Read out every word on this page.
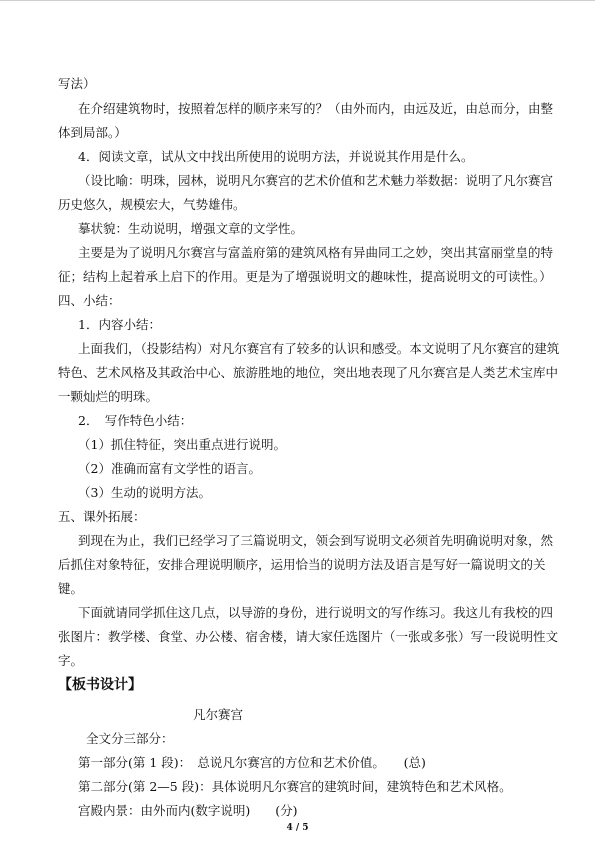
写法）
在介绍建筑物时，按照着怎样的顺序来写的？（由外而内，由远及近，由总而分，由整
体到局部。）
4．阅读文章，试从文中找出所使用的说明方法，并说说其作用是什么。
（设比喻：明珠，园林，说明凡尔赛宫的艺术价值和艺术魅力举数据：说明了凡尔赛宫
历史悠久，规模宏大，气势雄伟。
摹状貌：生动说明，增强文章的文学性。
主要是为了说明凡尔赛宫与富盖府第的建筑风格有异曲同工之妙，突出其富丽堂皇的特
征；结构上起着承上启下的作用。更是为了增强说明文的趣味性，提高说明文的可读性。）
四、小结：
1．内容小结：
上面我们，（投影结构）对凡尔赛宫有了较多的认识和感受。本文说明了凡尔赛宫的建筑
特色、艺术风格及其政治中心、旅游胜地的地位，突出地表现了凡尔赛宫是人类艺术宝库中
一颗灿烂的明珠。
2．　写作特色小结：
（1）抓住特征，突出重点进行说明。
（2）准确而富有文学性的语言。
（3）生动的说明方法。
五、课外拓展：
到现在为止，我们已经学习了三篇说明文，领会到写说明文必须首先明确说明对象，然
后抓住对象特征，安排合理说明顺序，运用恰当的说明方法及语言是写好一篇说明文的关
键。
下面就请同学抓住这几点，以导游的身份，进行说明文的写作练习。我这儿有我校的四
张图片：教学楼、食堂、办公楼、宿舍楼，请大家任选图片（一张或多张）写一段说明性文
字。
【板书设计】
凡尔赛宫
全文分三部分：
第一部分(第 1 段)：　总说凡尔赛宫的方位和艺术价值。　　(总)
第二部分(第 2—5 段)：具体说明凡尔赛宫的建筑时间，建筑特色和艺术风格。
宫殿内景：由外而内(数字说明)　　(分)
4 / 5
